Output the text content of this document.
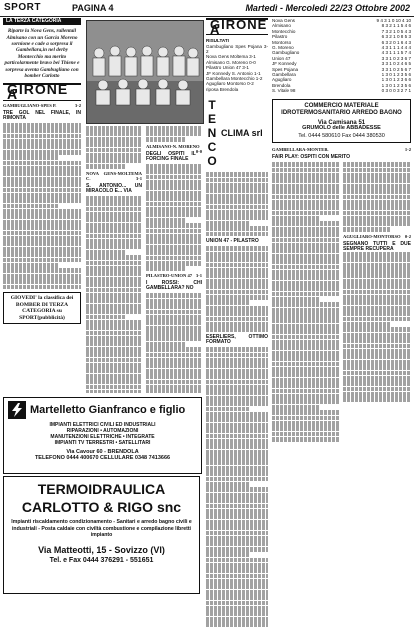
SPORT	PAGINA 4	Martedì - Mercoledì 22/23 Ottobre 2002
LA TERZA CATEGORIA
Riparte la Nova Gens, rallentail Almisano con un Garcia Moreno sornione e cade a sorpresa il Gambellara,in nel derby Montecchio ma merito particolarmente bravo bei Thiene e sorpresa aventa Gambugliano con bomber Carlotto
GIRONE A
GAMBUGLIANO-SPES P.	3-2
TRE GOL NEL FINALE, IN RIMONTA
GIOVEDI' la classifica dei BOMBER DI TERZA CATEGORIA su SPORT(pubblicità)
NOVA GENS-MOLTEMA C.	3-1
S. ANTONIO... UN MIRACOLO E... VIA
ALMISANO-N. MORENO
0-0
DEGLI OSPITI IL FORCING FINALE
PILASTRO-UNION 47 3-1
I ROSSI: CHI GAMBELLARA? NO
GIRONE A
RISULTATI
Gambugliano Spes Pojana 3-2
Nova Gens Moltema 3-1
Almisano G. Moreno 0-0
Pilastro Union 47 3-1
JF Konnedy S. Antonio 1-1
Gambellara Montecchio 1-2
Agugliaro Montorso 0-2
riposa Brendola
T E N C O
CLIMA srl
UNION 47 - PILASTRO
ESERLIERS, OTTIMO FORMATO
Nova Gens	9 4 3 1 0 10 4 10
Almisano	8 3 2 1 1 5 4 6
Montecchio	7 3 2 1 0 5 4 3
Pilastro	6 3 2 1 0 8 5 3
Montorso	6 3 2 0 1 6 4 3
G. Moreno	4 3 1 1 1 4 4 4
Gambugliano	4 3 1 1 1 5 7 4
Union 47	3 3 1 0 2 3 6 7
JF Konnedy	3 3 1 0 2 4 6 5
Spes Pojana	3 3 1 0 2 5 6 7
Gambellara	1 3 0 1 2 3 5 6
Agugliaro	1 3 0 1 2 3 6 6
Brendola	1 3 0 1 2 3 5 6
S. Vitale 98	0 3 0 0 3 2 7 1
COMMERCIO MATERIALE IDROTERMOSANITARIO ARREDO BAGNO
Via Camisana 51
GRUMOLO delle ABBADESSE
Tel. 0444 580610 Fax 0444 380530
GAMBELLARA-MONTEB.	1-2
FAIR PLAY: OSPITI CON MERITO
AGUGLIARO-MONTORSO 0-2
SEGNANO TUTTI E DUE SEMPRE RECUPERA
Martelletto Gianfranco e figlio
IMPIANTI ELETTRICI CIVILI ED INDUSTRIALI
RIPARAZIONI • AUTOMAZIONI
MANUTENZIONI ELETTRICHE • INTEGRATE
IMPIANTI TV TERRESTRI • SATELLITARI
Via Cavour 60 - BRENDOLA
TELEFONO 0444 400670 CELLULARE 0348 7413666
TERMOIDRAULICA
CARLOTTO & RIGO snc
Impianti riscaldamento condizionamento - Sanitari e arredo bagno civili e industriali - Posta caldaie con civiltà combustione e compilazione libretti impianto
Via Matteotti, 15 - Sovizzo (VI)
Tel. e Fax 0444 376291 - 551651
